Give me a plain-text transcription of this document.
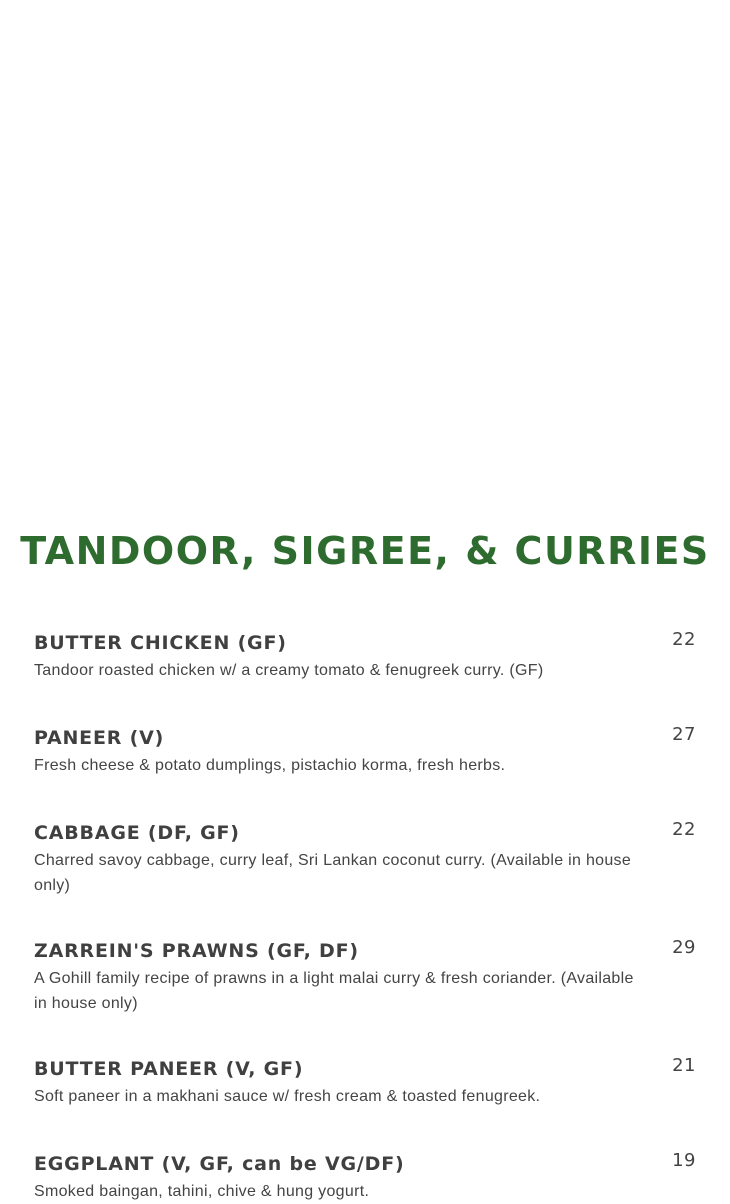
TANDOOR, SIGREE, & CURRIES
BUTTER CHICKEN (GF)	22

Tandoor roasted chicken w/ a creamy tomato & fenugreek curry. (GF)

PANEER (V)	27

Fresh cheese & potato dumplings, pistachio korma, fresh herbs.

CABBAGE (DF, GF)	22

Charred savoy cabbage, curry leaf, Sri Lankan coconut curry. (Available in house only)

ZARREIN'S PRAWNS (GF, DF)	29

A Gohill family recipe of prawns in a light malai curry & fresh coriander. (Available in house only)

BUTTER PANEER (V, GF)	21

Soft paneer in a makhani sauce w/ fresh cream & toasted fenugreek.

EGGPLANT (V, GF, can be VG/DF)	19

Smoked baingan, tahini, chive & hung yogurt.
